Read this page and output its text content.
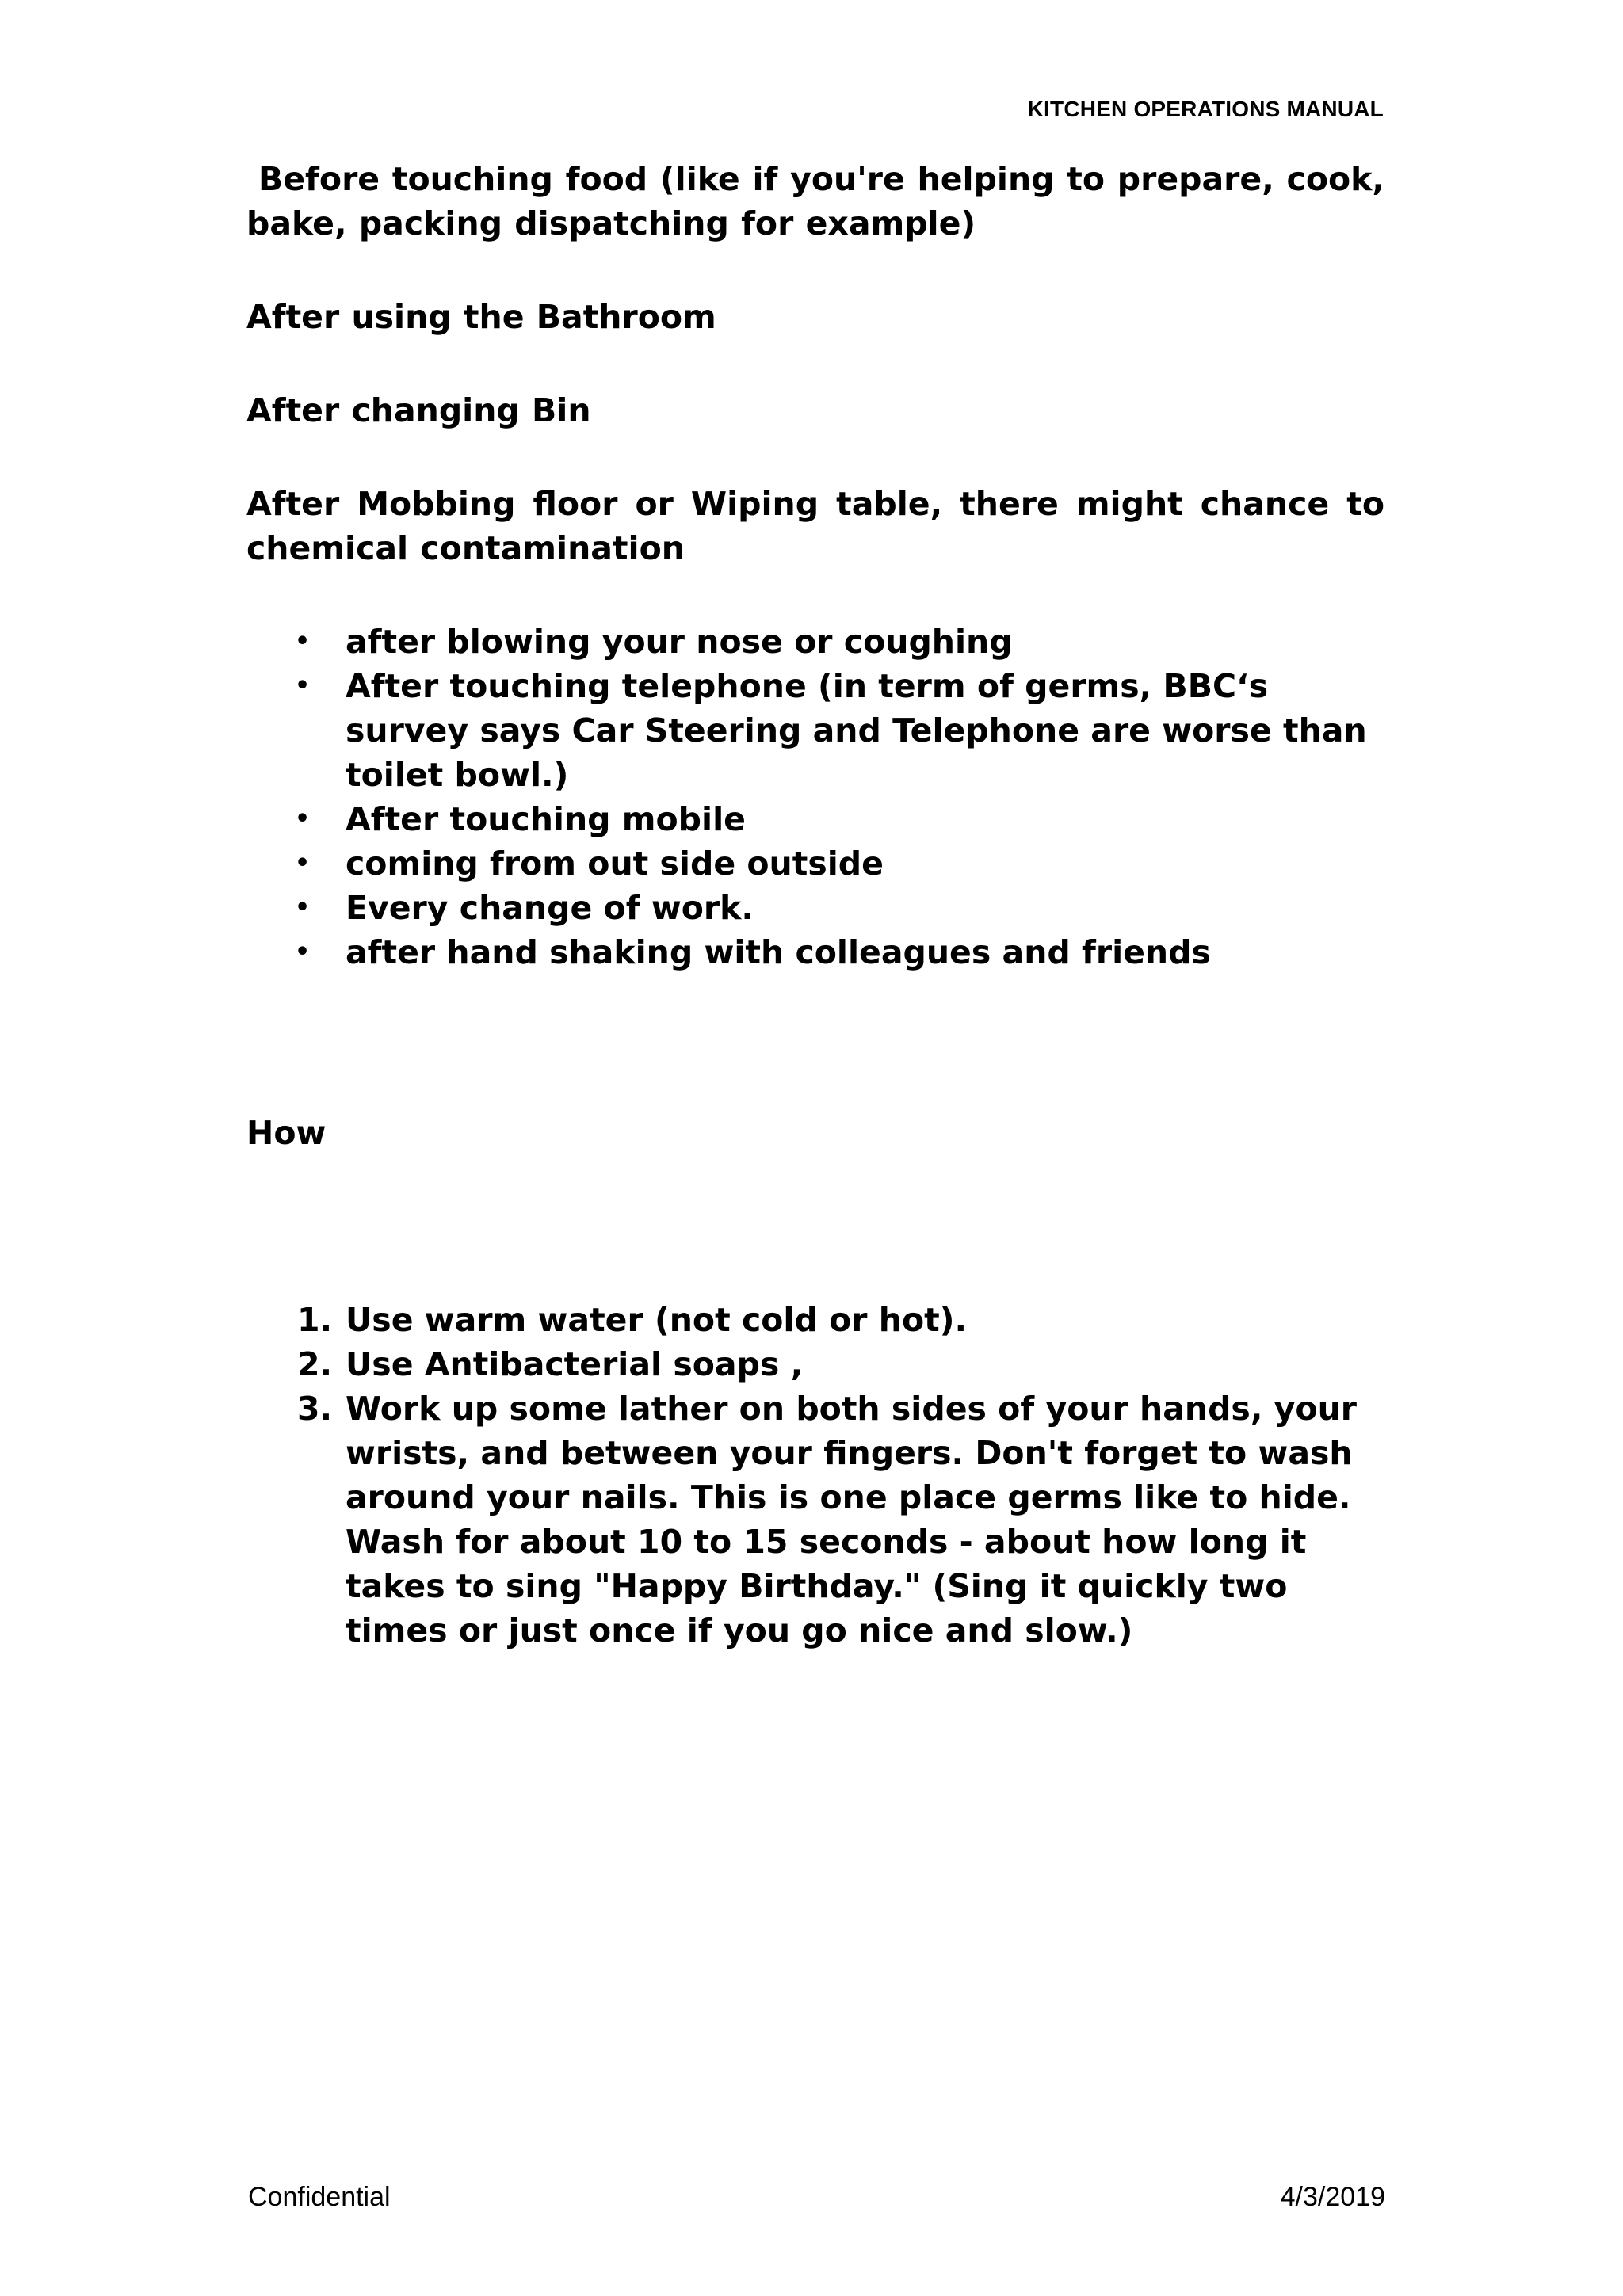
KITCHEN OPERATIONS MANUAL

Before touching food (like if you're helping to prepare, cook, bake, packing dispatching for example)

After using the Bathroom

After changing Bin

After Mobbing floor or Wiping table, there might chance to chemical contamination

• after blowing your nose or coughing
• After touching telephone (in term of germs, BBC‘s survey says Car Steering and Telephone are worse than toilet bowl.)
• After touching mobile
• coming from out side outside
• Every change of work.
• after hand shaking with colleagues and friends

How

1. Use warm water (not cold or hot).
2. Use Antibacterial soaps ,
3. Work up some lather on both sides of your hands, your wrists, and between your fingers. Don't forget to wash around your nails. This is one place germs like to hide. Wash for about 10 to 15 seconds - about how long it takes to sing "Happy Birthday." (Sing it quickly two times or just once if you go nice and slow.)
Confidential	4/3/2019
